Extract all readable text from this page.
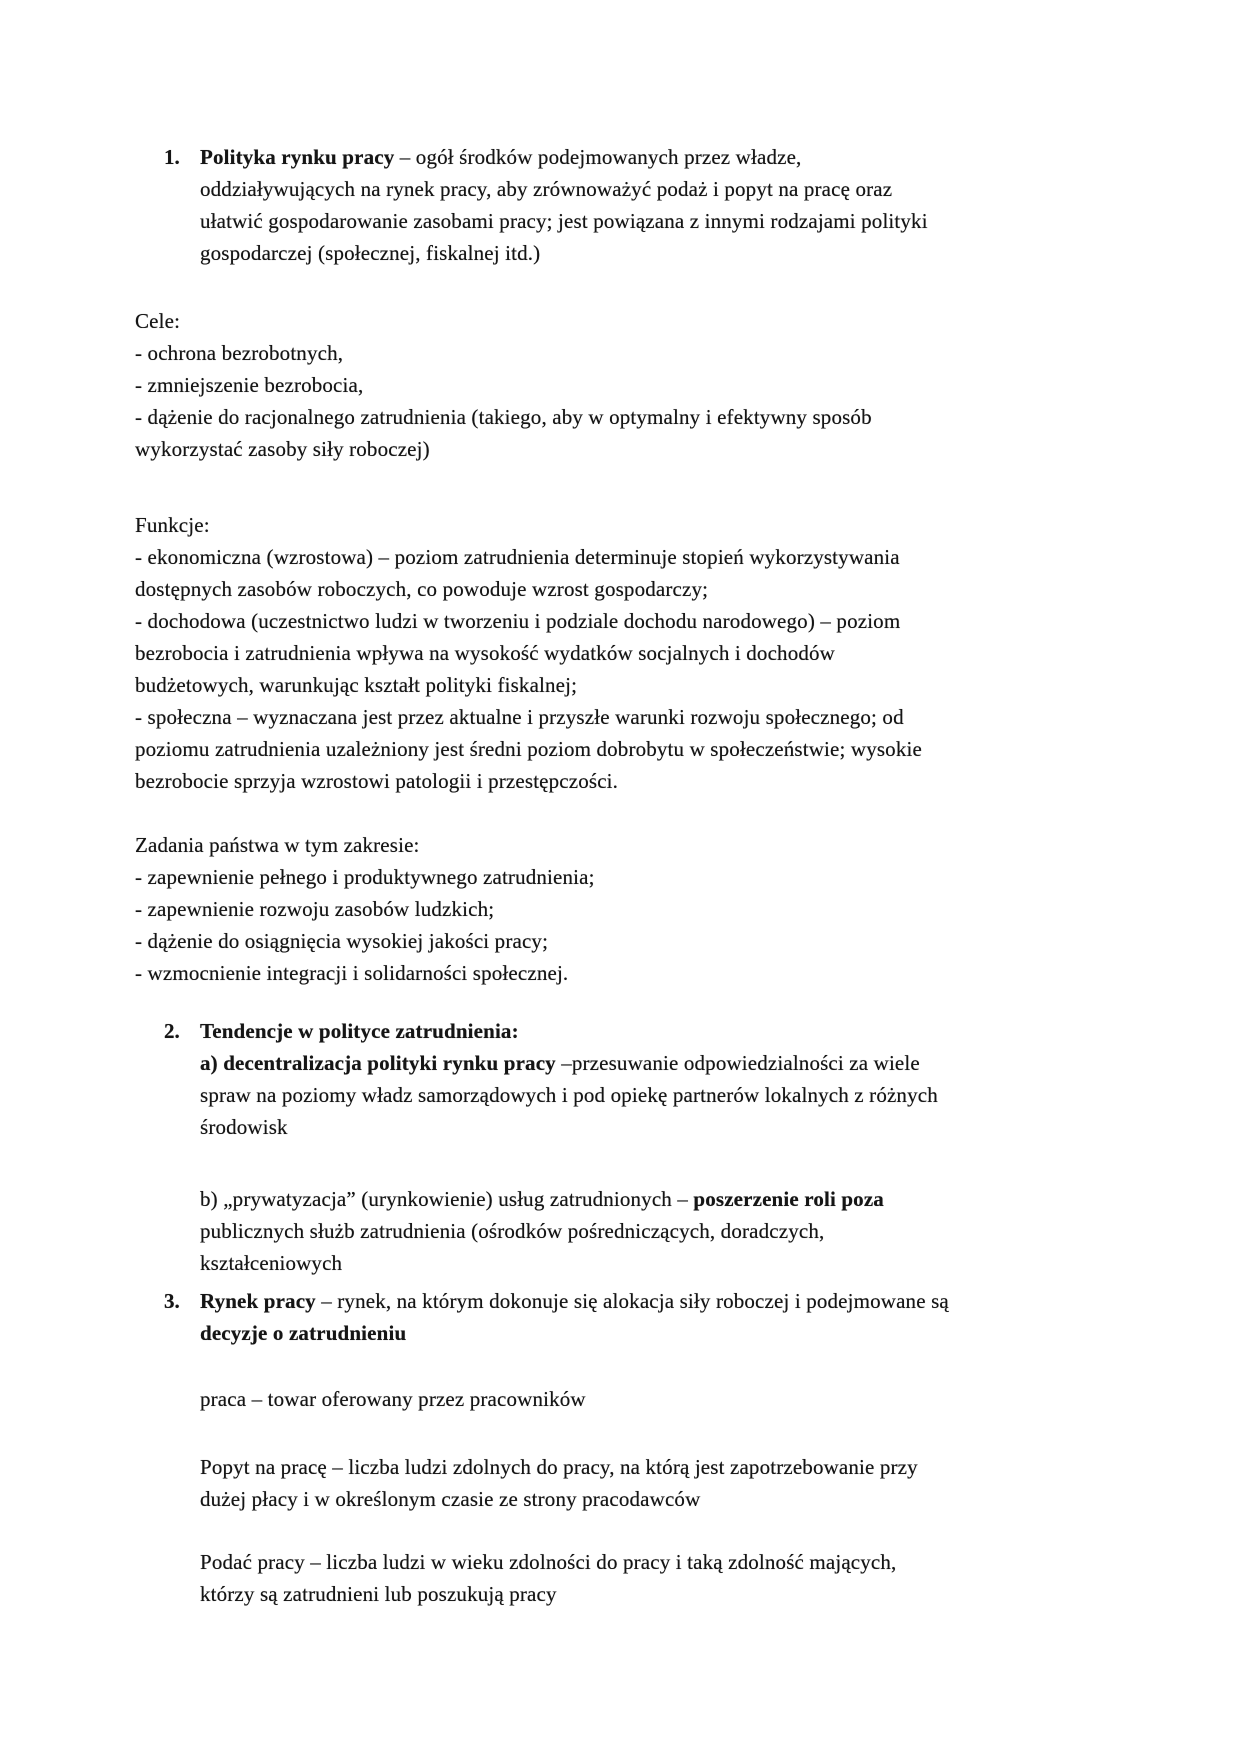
1. Polityka rynku pracy – ogół środków podejmowanych przez władze,
oddziaływujących na rynek pracy, aby zrównoważyć podaż i popyt na pracę oraz
ułatwić gospodarowanie zasobami pracy; jest powiązana z innymi rodzajami polityki
gospodarczej (społecznej, fiskalnej itd.)
Cele:
- ochrona bezrobotnych,
- zmniejszenie bezrobocia,
- dążenie do racjonalnego zatrudnienia (takiego, aby w optymalny i efektywny sposób
wykorzystać zasoby siły roboczej)
Funkcje:
- ekonomiczna (wzrostowa) – poziom zatrudnienia determinuje stopień wykorzystywania
dostępnych zasobów roboczych, co powoduje wzrost gospodarczy;
- dochodowa (uczestnictwo ludzi w tworzeniu i podziale dochodu narodowego) – poziom
bezrobocia i zatrudnienia wpływa na wysokość wydatków socjalnych i dochodów
budżetowych, warunkując kształt polityki fiskalnej;
- społeczna – wyznaczana jest przez aktualne i przyszłe warunki rozwoju społecznego; od
poziomu zatrudnienia uzależniony jest średni poziom dobrobytu w społeczeństwie; wysokie
bezrobocie sprzyja wzrostowi patologii i przestępczości.
Zadania państwa w tym zakresie:
- zapewnienie pełnego i produktywnego zatrudnienia;
- zapewnienie rozwoju zasobów ludzkich;
- dążenie do osiągnięcia wysokiej jakości pracy;
- wzmocnienie integracji i solidarności społecznej.
2. Tendencje w polityce zatrudnienia:
a) decentralizacja polityki rynku pracy –przesuwanie odpowiedzialności za wiele
spraw na poziomy władz samorządowych i pod opiekę partnerów lokalnych z różnych
środowisk
b) „prywatyzacja” (urynkowienie) usług zatrudnionych – poszerzenie roli poza
publicznych służb zatrudnienia (ośrodków pośredniczących, doradczych,
kształceniowych
3. Rynek pracy – rynek, na którym dokonuje się alokacja siły roboczej i podejmowane są
decyzje o zatrudnieniu
praca – towar oferowany przez pracowników
Popyt na pracę – liczba ludzi zdolnych do pracy, na którą jest zapotrzebowanie przy
dużej płacy i w określonym czasie ze strony pracodawców
Podać pracy – liczba ludzi w wieku zdolności do pracy i taką zdolność mających,
którzy są zatrudnieni lub poszukują pracy
